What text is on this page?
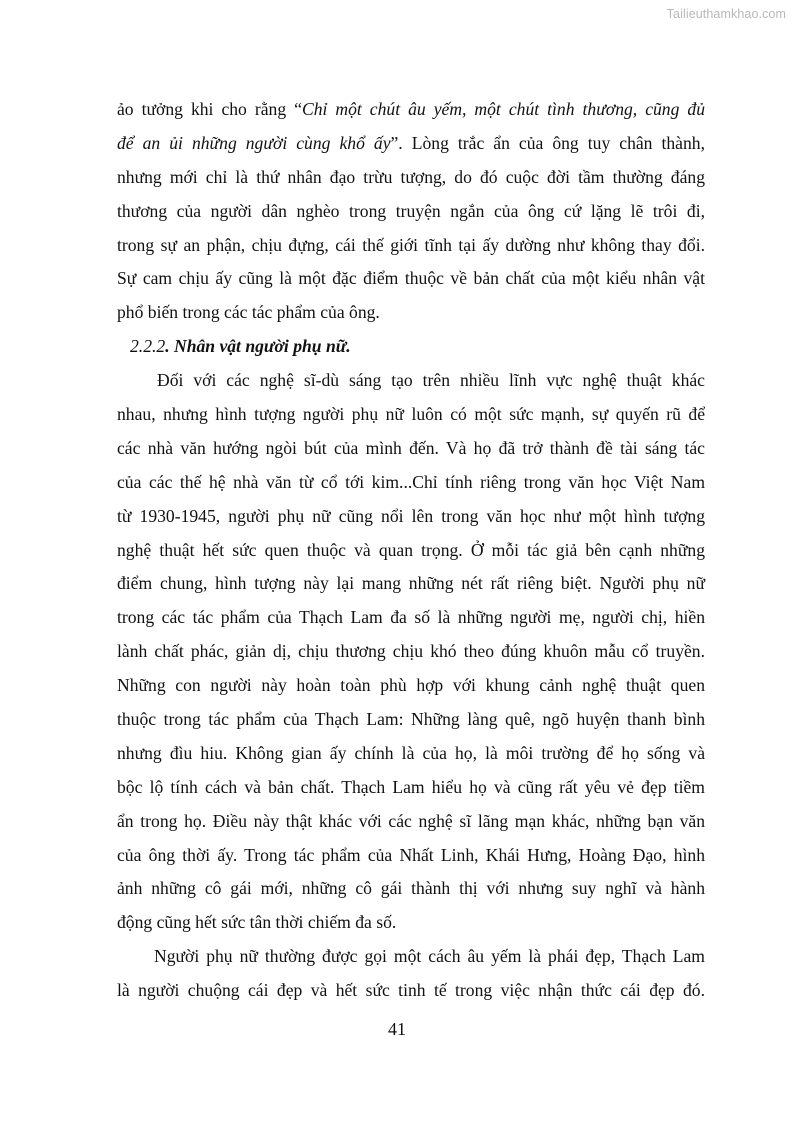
Tailieuthamkhao.com
ảo tưởng khi cho rằng “Chỉ một chút âu yếm, một chút tình thương, cũng đủ
để an ủi những người cùng khổ ấy”. Lòng trắc ẩn của ông tuy chân thành,
nhưng mới chỉ là thứ nhân đạo trừu tượng, do đó cuộc đời tầm thường đáng
thương của người dân nghèo trong truyện ngắn của ông cứ lặng lẽ trôi đi,
trong sự an phận, chịu đựng, cái thế giới tĩnh tại ấy dường như không thay đổi.
Sự cam chịu ấy cũng là một đặc điểm thuộc về bản chất của một kiểu nhân vật
phổ biến trong các tác phẩm của ông.
2.2.2. Nhân vật người phụ nữ.
Đối với các nghệ sĩ-dù sáng tạo trên nhiều lĩnh vực nghệ thuật khác
nhau, nhưng hình tượng người phụ nữ luôn có một sức mạnh, sự quyến rũ để
các nhà văn hướng ngòi bút của mình đến. Và họ đã trở thành đề tài sáng tác
của các thế hệ nhà văn từ cổ tới kim...Chỉ tính riêng trong văn học Việt Nam
từ 1930-1945, người phụ nữ cũng nổi lên trong văn học như một hình tượng
nghệ thuật hết sức quen thuộc và quan trọng. Ở mỗi tác giả bên cạnh những
điểm chung, hình tượng này lại mang những nét rất riêng biệt. Người phụ nữ
trong các tác phẩm của Thạch Lam đa số là những người mẹ, người chị, hiền
lành chất phác, giản dị, chịu thương chịu khó theo đúng khuôn mẫu cổ truyền.
Những con người này hoàn toàn phù hợp với khung cảnh nghệ thuật quen
thuộc trong tác phẩm của Thạch Lam: Những làng quê, ngõ huyện thanh bình
nhưng đìu hiu. Không gian ấy chính là của họ, là môi trường để họ sống và
bộc lộ tính cách và bản chất. Thạch Lam hiểu họ và cũng rất yêu vẻ đẹp tiềm
ẩn trong họ. Điều này thật khác với các nghệ sĩ lãng mạn khác, những bạn văn
của ông thời ấy. Trong tác phẩm của Nhất Linh, Khái Hưng, Hoàng Đạo, hình
ảnh những cô gái mới, những cô gái thành thị với nhưng suy nghĩ và hành
động cũng hết sức tân thời chiếm đa số.
Người phụ nữ thường được gọi một cách âu yếm là phái đẹp, Thạch Lam
là người chuộng cái đẹp và hết sức tinh tế trong việc nhận thức cái đẹp đó.
41
